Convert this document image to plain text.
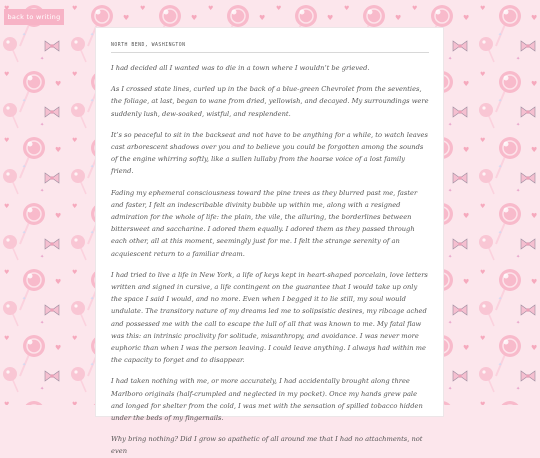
back to writing

NORTH BEND, WASHINGTON

I had decided all I wanted was to die in a town where I wouldn’t be grieved.

As I crossed state lines, curled up in the back of a blue-green Chevrolet from the seventies, the foliage, at last, began to wane from dried, yellowish, and decayed. My surroundings were suddenly lush, dew-soaked, wistful, and resplendent.

It’s so peaceful to sit in the backseat and not have to be anything for a while, to watch leaves cast arborescent shadows over you and to believe you could be forgotten among the sounds of the engine whirring softly, like a sullen lullaby from the hoarse voice of a lost family friend.

Fading my ephemeral consciousness toward the pine trees as they blurred past me, faster and faster, I felt an indescribable divinity bubble up within me, along with a resigned admiration for the whole of life: the plain, the vile, the alluring, the borderlines between bittersweet and saccharine. I adored them equally. I adored them as they passed through each other, all at this moment, seemingly just for me. I felt the strange serenity of an acquiescent return to a familiar dream.

I had tried to live a life in New York, a life of keys kept in heart-shaped porcelain, love letters written and signed in cursive, a life contingent on the guarantee that I would take up only the space I said I would, and no more. Even when I begged it to lie still, my soul would undulate. The transitory nature of my dreams led me to solipsistic desires, my ribcage ached and possessed me with the call to escape the lull of all that was known to me. My fatal flaw was this: an intrinsic proclivity for solitude, misanthropy, and avoidance. I was never more euphoric than when I was the person leaving. I could leave anything. I always had within me the capacity to forget and to disappear.

I had taken nothing with me, or more accurately, I had accidentally brought along three Marlboro originals (half-crumpled and neglected in my pocket). Once my hands grew pale and longed for shelter from the cold, I was met with the sensation of spilled tobacco hidden under the beds of my fingernails.

Why bring nothing? Did I grow so apathetic of all around me that I had no attachments, not even
